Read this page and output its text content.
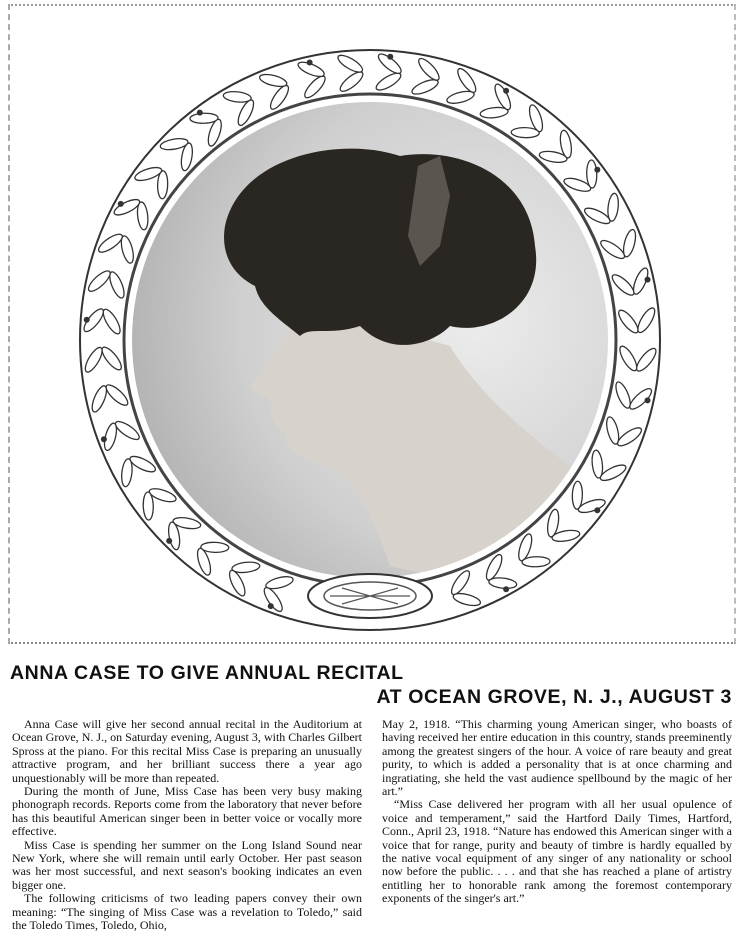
ANNA CASE TO GIVE ANNUAL RECITAL
AT OCEAN GROVE, N. J., AUGUST 3

Anna Case will give her second annual recital in the Auditorium at Ocean Grove, N. J., on Saturday evening, August 3, with Charles Gilbert Spross at the piano. For this recital Miss Case is preparing an unusually attractive program, and her brilliant success there a year ago unquestionably will be more than repeated.

During the month of June, Miss Case has been very busy making phonograph records. Reports come from the laboratory that never before has this beautiful American singer been in better voice or vocally more effective.

Miss Case is spending her summer on the Long Island Sound near New York, where she will remain until early October. Her past season was her most successful, and next season's booking indicates an even bigger one.

The following criticisms of two leading papers convey their own meaning: “The singing of Miss Case was a revelation to Toledo,” said the Toledo Times, Toledo, Ohio,

May 2, 1918. “This charming young American singer, who boasts of having received her entire education in this country, stands preeminently among the greatest singers of the hour. A voice of rare beauty and great purity, to which is added a personality that is at once charming and ingratiating, she held the vast audience spellbound by the magic of her art.”

“Miss Case delivered her program with all her usual opulence of voice and temperament,” said the Hartford Daily Times, Hartford, Conn., April 23, 1918. “Nature has endowed this American singer with a voice that for range, purity and beauty of timbre is hardly equalled by the native vocal equipment of any singer of any nationality or school now before the public. . . . and that she has reached a plane of artistry entitling her to honorable rank among the foremost contemporary exponents of the singer's art.”
